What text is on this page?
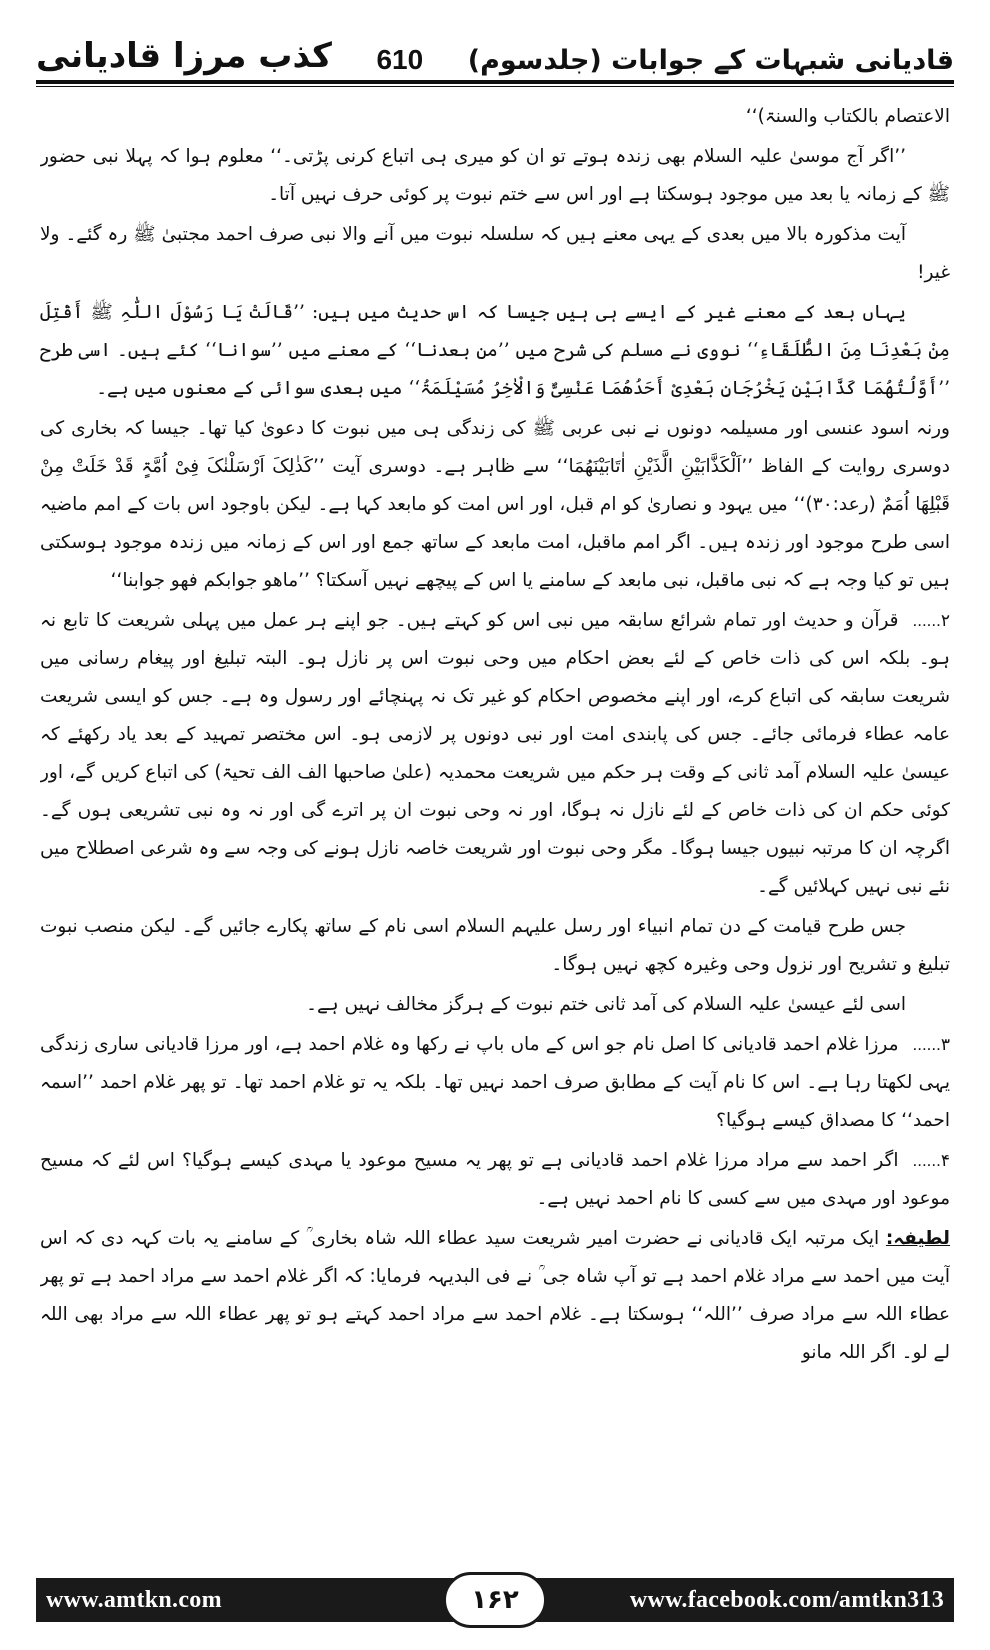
قادیانی شبہات کے جوابات (جلدسوم)
610
کذب مرزا قادیانی

الاعتصام بالکتاب والسنۃ)‘‘

’’اگر آج موسیٰ علیہ السلام بھی زندہ ہوتے تو ان کو میری ہی اتباع کرنی پڑتی۔‘‘ معلوم ہوا کہ پہلا نبی حضور ﷺ کے زمانہ یا بعد میں موجود ہوسکتا ہے اور اس سے ختم نبوت پر کوئی حرف نہیں آتا۔

آیت مذکورہ بالا میں بعدی کے یہی معنے ہیں کہ سلسلہ نبوت میں آنے والا نبی صرف احمد مجتبیٰ ﷺ رہ گئے۔ ولا غیر!

یہاں بعد کے معنے غیر کے ایسے ہی ہیں جیسا کہ اس حدیث میں ہیں: ’’قَالَتْ یَا رَسُوْلَ اللّٰہِ ﷺ أَقْتِلَ مِنْ بَعْدِنَا مِنَ الطُّلَقَاءِ‘‘ نووی نے مسلم کی شرح میں ’’من بعدنا‘‘ کے معنے میں ’’سوانا‘‘ کئے ہیں۔ اسی طرح ’’أَوَّلُتُھُمَا کَذَّابَیْنِ یَخْرُجَانِ بَعْدِیْ أَحَدُھُمَا عَنْسِیٌّ وَالْاٰخِرُ مُسَیْلَمَۃُ‘‘ میں بعدی سوائی کے معنوں میں ہے۔

ورنہ اسود عنسی اور مسیلمہ دونوں نے نبی عربی ﷺ کی زندگی ہی میں نبوت کا دعویٰ کیا تھا۔ جیسا کہ بخاری کی دوسری روایت کے الفاظ ’’اَلْکَذَّابَیْنِ الَّذَیْنِ اٰتَابَیْنَھُمَا‘‘ سے ظاہر ہے۔ دوسری آیت ’’کَذٰلِکَ اَرْسَلْنٰکَ فِیْ اُمَّۃٍ قَدْ خَلَتْ مِنْ قَبْلِھَا اُمَمٌ (رعد:۳۰)‘‘ میں یہود و نصاریٰ کو ام قبل، اور اس امت کو مابعد کہا ہے۔ لیکن باوجود اس بات کے امم ماضیہ اسی طرح موجود اور زندہ ہیں۔ اگر امم ماقبل، امت مابعد کے ساتھ جمع اور اس کے زمانہ میں زندہ موجود ہوسکتی ہیں تو کیا وجہ ہے کہ نبی ماقبل، نبی مابعد کے سامنے یا اس کے پیچھے نہیں آسکتا؟ ’’ماھو جوابکم فھو جوابنا‘‘

۲......قرآن و حدیث اور تمام شرائع سابقہ میں نبی اس کو کہتے ہیں۔ جو اپنے ہر عمل میں پہلی شریعت کا تابع نہ ہو۔ بلکہ اس کی ذات خاص کے لئے بعض احکام میں وحی نبوت اس پر نازل ہو۔ البتہ تبلیغ اور پیغام رسانی میں شریعت سابقہ کی اتباع کرے، اور اپنے مخصوص احکام کو غیر تک نہ پہنچائے اور رسول وہ ہے۔ جس کو ایسی شریعت عامہ عطاء فرمائی جائے۔ جس کی پابندی امت اور نبی دونوں پر لازمی ہو۔ اس مختصر تمہید کے بعد یاد رکھئے کہ عیسیٰ علیہ السلام آمد ثانی کے وقت ہر حکم میں شریعت محمدیہ (علیٰ صاحبھا الف الف تحیۃ) کی اتباع کریں گے، اور کوئی حکم ان کی ذات خاص کے لئے نازل نہ ہوگا، اور نہ وحی نبوت ان پر اترے گی اور نہ وہ نبی تشریعی ہوں گے۔ اگرچہ ان کا مرتبہ نبیوں جیسا ہوگا۔ مگر وحی نبوت اور شریعت خاصہ نازل ہونے کی وجہ سے وہ شرعی اصطلاح میں نئے نبی نہیں کہلائیں گے۔

جس طرح قیامت کے دن تمام انبیاء اور رسل علیہم السلام اسی نام کے ساتھ پکارے جائیں گے۔ لیکن منصب نبوت تبلیغ و تشریح اور نزول وحی وغیرہ کچھ نہیں ہوگا۔

اسی لئے عیسیٰ علیہ السلام کی آمد ثانی ختم نبوت کے ہرگز مخالف نہیں ہے۔

۳......مرزا غلام احمد قادیانی کا اصل نام جو اس کے ماں باپ نے رکھا وہ غلام احمد ہے، اور مرزا قادیانی ساری زندگی یہی لکھتا رہا ہے۔ اس کا نام آیت کے مطابق صرف احمد نہیں تھا۔ بلکہ یہ تو غلام احمد تھا۔ تو پھر غلام احمد ’’اسمہ احمد‘‘ کا مصداق کیسے ہوگیا؟

۴......اگر احمد سے مراد مرزا غلام احمد قادیانی ہے تو پھر یہ مسیح موعود یا مہدی کیسے ہوگیا؟ اس لئے کہ مسیح موعود اور مہدی میں سے کسی کا نام احمد نہیں ہے۔

لطیفہ: ایک مرتبہ ایک قادیانی نے حضرت امیر شریعت سید عطاء اللہ شاہ بخاری ؒ کے سامنے یہ بات کہہ دی کہ اس آیت میں احمد سے مراد غلام احمد ہے تو آپ شاہ جی ؒ نے فی البدیہہ فرمایا: کہ اگر غلام احمد سے مراد احمد ہے تو پھر عطاء اللہ سے مراد صرف ’’اللہ‘‘ ہوسکتا ہے۔ غلام احمد سے مراد احمد کہتے ہو تو پھر عطاء اللہ سے مراد بھی اللہ لے لو۔ اگر اللہ مانو

www.amtkn.com	۱۶۲	www.facebook.com/amtkn313
